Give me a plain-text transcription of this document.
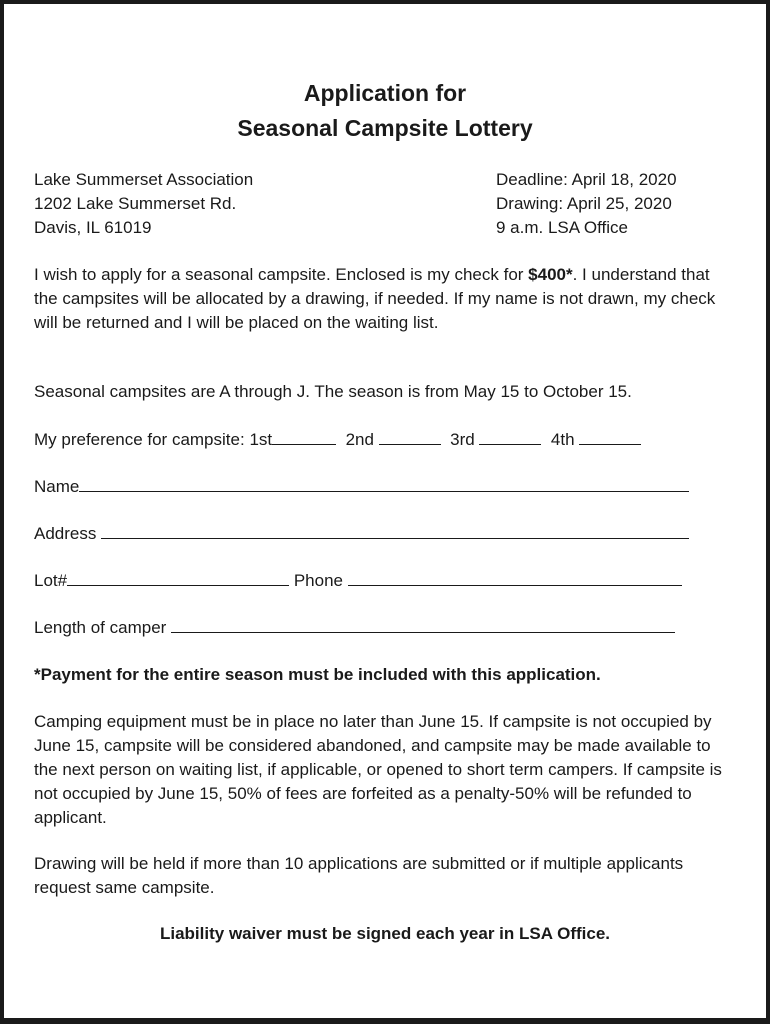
Application for
Seasonal Campsite Lottery
Lake Summerset Association
1202 Lake Summerset Rd.
Davis, IL 61019
Deadline: April 18, 2020
Drawing: April 25, 2020
9 a.m. LSA Office
I wish to apply for a seasonal campsite. Enclosed is my check for $400*. I understand that the campsites will be allocated by a drawing, if needed. If my name is not drawn, my check will be returned and I will be placed on the waiting list.
Seasonal campsites are A through J. The season is from May 15 to October 15.
My preference for campsite: 1st	2nd	3rd	4th
Name
Address
Lot#	Phone
Length of camper
*Payment for the entire season must be included with this application.
Camping equipment must be in place no later than June 15. If campsite is not occupied by June 15, campsite will be considered abandoned, and campsite may be made available to the next person on waiting list, if applicable, or opened to short term campers. If campsite is not occupied by June 15, 50% of fees are forfeited as a penalty-50% will be refunded to applicant.
Drawing will be held if more than 10 applications are submitted or if multiple applicants request same campsite.
Liability waiver must be signed each year in LSA Office.
